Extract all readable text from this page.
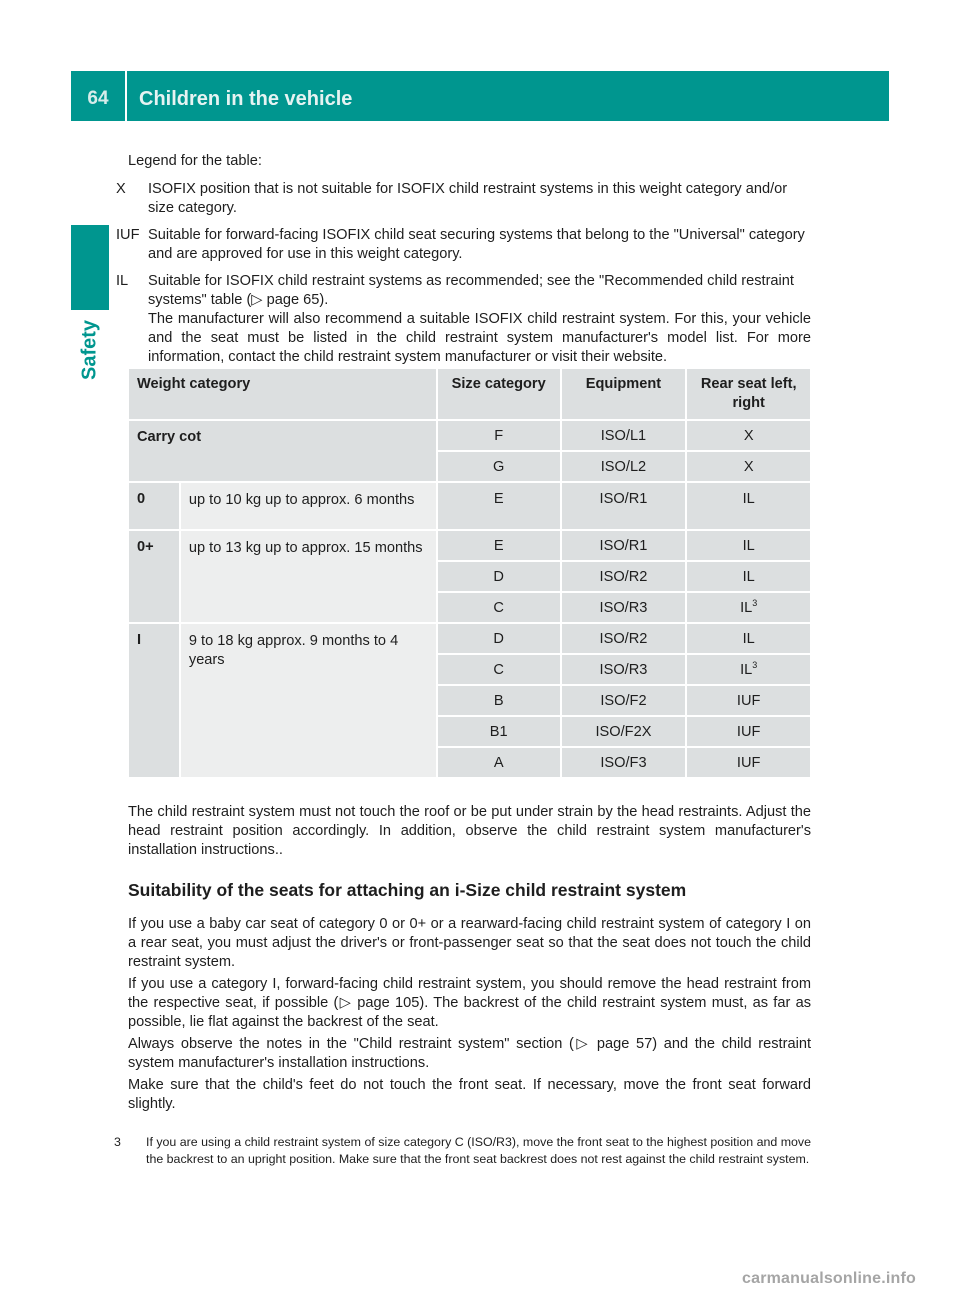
64	Children in the vehicle
Safety
Legend for the table:
X	ISOFIX position that is not suitable for ISOFIX child restraint systems in this weight category and/or size category.

IUF Suitable for forward-facing ISOFIX child seat securing systems that belong to the "Universal" category and are approved for use in this weight category.

IL	Suitable for ISOFIX child restraint systems as recommended; see the "Recommended child restraint systems" table (▷ page 65).

The manufacturer will also recommend a suitable ISOFIX child restraint system. For this, your vehicle and the seat must be listed in the child restraint system manufacturer's model list. For more information, contact the child restraint system manufacturer or visit their website.

Weight category		Size category	Equipment	Rear seat left, right
Carry cot		F	ISO/L1	X
		G	ISO/L2	X
0	up to 10 kg up to approx. 6 months	E	ISO/R1	IL
0+	up to 13 kg up to approx. 15 months	E	ISO/R1	IL
		D	ISO/R2	IL
		C	ISO/R3	$IL^3$
I	9 to 18 kg approx. 9 months to 4 years	D	ISO/R2	IL
		C	ISO/R3	$IL^3$
		B	ISO/F2	IUF
		B1	ISO/F2X	IUF
		A	ISO/F3	IUF
The child restraint system must not touch the roof or be put under strain by the head restraints. Adjust the head restraint position accordingly. In addition, observe the child restraint system manufacturer's installation instructions..
Suitability of the seats for attaching an i-Size child restraint system

If you use a baby car seat of category 0 or 0+ or a rearward-facing child restraint system of category I on a rear seat, you must adjust the driver's or front-passenger seat so that the seat does not touch the child restraint system.

If you use a category I, forward-facing child restraint system, you should remove the head restraint from the respective seat, if possible (▷ page 105). The backrest of the child restraint system must, as far as possible, lie flat against the backrest of the seat.

Always observe the notes in the "Child restraint system" section (▷ page 57) and the child restraint system manufacturer's installation instructions.

Make sure that the child's feet do not touch the front seat. If necessary, move the front seat forward slightly.

3	If you are using a child restraint system of size category C (ISO/R3), move the front seat to the highest position and move the backrest to an upright position. Make sure that the front seat backrest does not rest against the child restraint system.
carmanualsonline.info
